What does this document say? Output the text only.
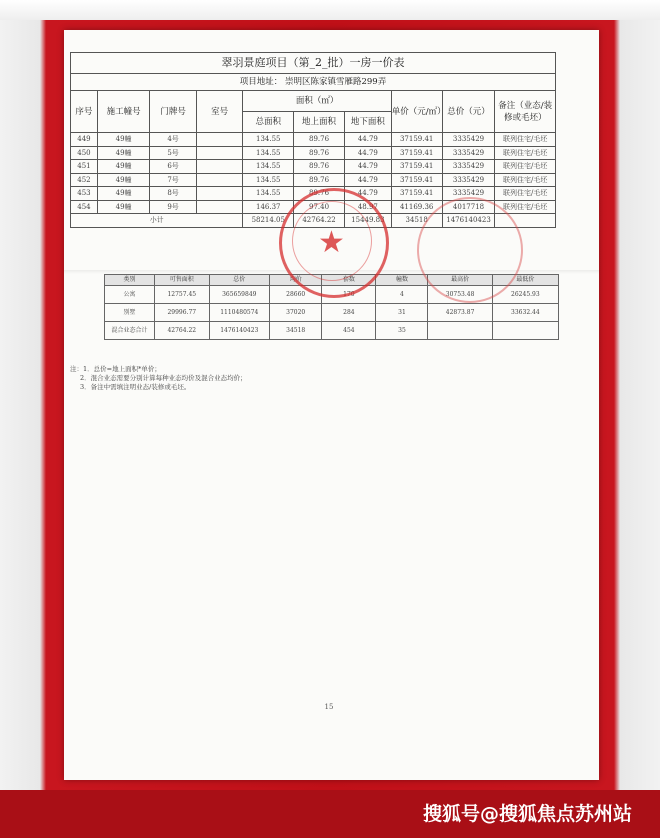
翠羽景庭项目（第_2_批）一房一价表									
项目地址： 崇明区陈家镇雪雁路299弄									
序号	施工幢号	门牌号	室号	面积（㎡）			单价（元/㎡）	总价（元）	备注（业态/装修或毛坯）
				总面积	地上面积	地下面积			
449	49幢	4号		134.55	89.76	44.79	37159.41	3335429	联列住宅/毛坯
450	49幢	5号		134.55	89.76	44.79	37159.41	3335429	联列住宅/毛坯
451	49幢	6号		134.55	89.76	44.79	37159.41	3335429	联列住宅/毛坯
452	49幢	7号		134.55	89.76	44.79	37159.41	3335429	联列住宅/毛坯
453	49幢	8号		134.55	89.76	44.79	37159.41	3335429	联列住宅/毛坯
454	49幢	9号		146.37	97.40	48.97	41169.36	4017718	联列住宅/毛坯
小计				58214.05	42764.22	15449.83	34518	1476140423	
类别	可售面积	总价	均价	套数	幢数	最高价	最低价
公寓	12757.45	365659849	28660	170	4	30753.48	26245.93
别墅	29996.77	1110480574	37020	284	31	42873.87	33632.44
混合业态合计	42764.22	1476140423	34518	454	35		
注：1．总价=地上面积*单价；
2．混合业态需要分别计算每种业态均价及混合业态均价；
3．备注中需填注明业态/装修或毛坯。
★
15
搜狐号@搜狐焦点苏州站
